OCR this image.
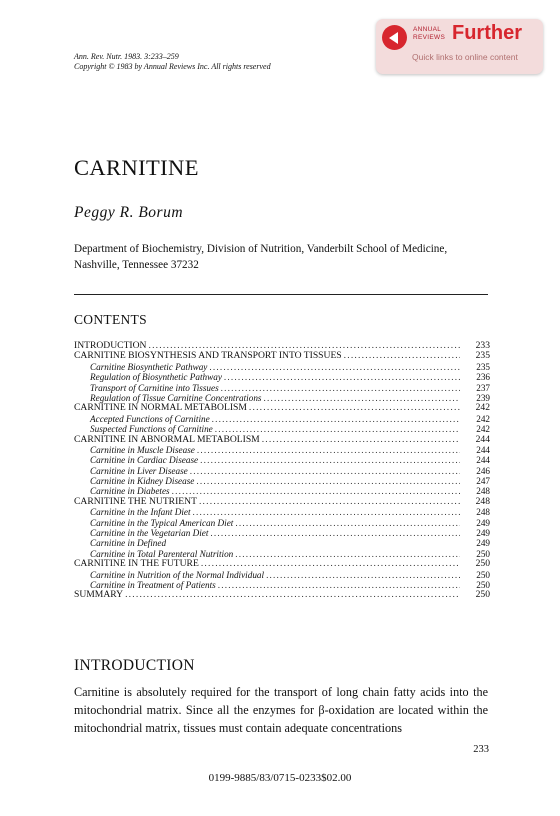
ANNUAL
REVIEWS Further
Quick links to online content
Ann. Rev. Nutr. 1983. 3:233–259
Copyright © 1983 by Annual Reviews Inc. All rights reserved
CARNITINE
Peggy R. Borum
Department of Biochemistry, Division of Nutrition, Vanderbilt School of Medicine, Nashville, Tennessee 37232
CONTENTS
INTRODUCTION .....	233
CARNITINE BIOSYNTHESIS AND TRANSPORT INTO TISSUES .....	235
Carnitine Biosynthetic Pathway .....	235
Regulation of Biosynthetic Pathway .....	236
Transport of Carnitine into Tissues .....	237
Regulation of Tissue Carnitine Concentrations .....	239
CARNITINE IN NORMAL METABOLISM .....	242
Accepted Functions of Carnitine .....	242
Suspected Functions of Carnitine .....	242
CARNITINE IN ABNORMAL METABOLISM .....	244
Carnitine in Muscle Disease .....	244
Carnitine in Cardiac Disease .....	244
Carnitine in Liver Disease .....	246
Carnitine in Kidney Disease .....	247
Carnitine in Diabetes .....	248
CARNITINE THE NUTRIENT .....	248
Carnitine in the Infant Diet .....	248
Carnitine in the Typical American Diet .....	249
Carnitine in the Vegetarian Diet .....	249
Carnitine in Defined	249
Carnitine in Total Parenteral Nutrition .....	250
CARNITINE IN THE FUTURE .....	250
Carnitine in Nutrition of the Normal Individual .....	250
Carnitine in Treatment of Patients .....	250
SUMMARY .....	250
INTRODUCTION

Carnitine is absolutely required for the transport of long chain fatty acids into the mitochondrial matrix. Since all the enzymes for β-oxidation are located within the mitochondrial matrix, tissues must contain adequate concentrations

233
0199-9885/83/0715-0233$02.00
